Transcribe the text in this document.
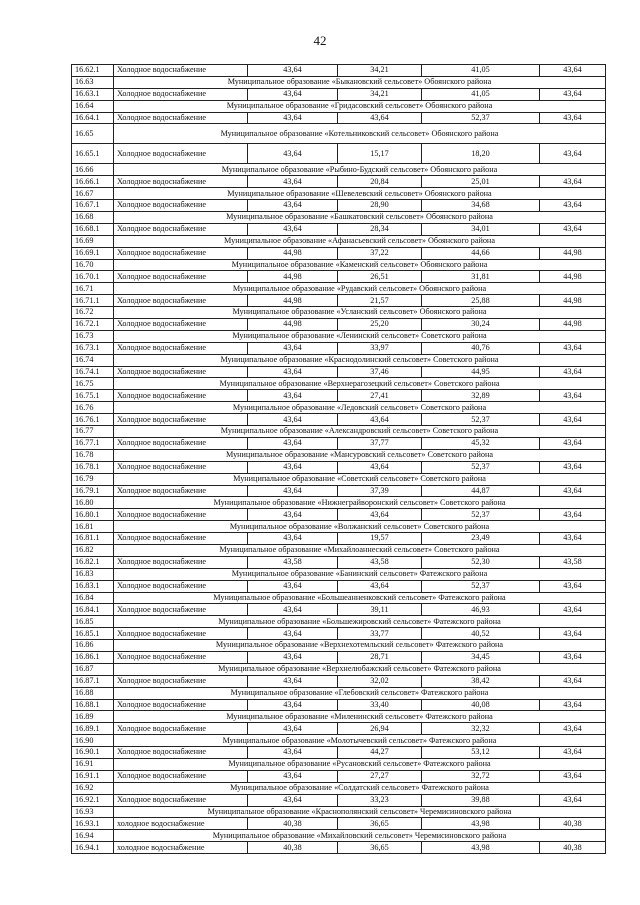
42
16.62.1	Холодное водоснабжение	43,64	34,21	41,05	43,64
16.63	Муниципальное образование «Быкановский сельсовет» Обоянского района				
16.63.1	Холодное водоснабжение	43,64	34,21	41,05	43,64
16.64	Муниципальное образование «Гридасовский сельсовет» Обоянского района				
16.64.1	Холодное водоснабжение	43,64	43,64	52,37	43,64
16.65	Муниципальное образование «Котельниковский сельсовет» Обоянского района				
16.65.1	Холодное водоснабжение	43,64	15,17	18,20	43,64
16.66	Муниципальное образование «Рыбино-Будский сельсовет» Обоянского района				
16.66.1	Холодное водоснабжение	43,64	20,84	25,01	43,64
16.67	Муниципальное образование «Шевелевский сельсовет» Обоянского района				
16.67.1	Холодное водоснабжение	43,64	28,90	34,68	43,64
16.68	Муниципальное образование «Башкатовский сельсовет» Обоянского района				
16.68.1	Холодное водоснабжение	43,64	28,34	34,01	43,64
16.69	Муниципальное образование «Афанасьевский сельсовет» Обоянского района				
16.69.1	Холодное водоснабжение	44,98	37,22	44,66	44,98
16.70	Муниципальное образование «Каменский сельсовет» Обоянского района				
16.70.1	Холодное водоснабжение	44,98	26,51	31,81	44,98
16.71	Муниципальное образование «Рудавский сельсовет» Обоянского района				
16.71.1	Холодное водоснабжение	44,98	21,57	25,88	44,98
16.72	Муниципальное образование «Усланский сельсовет» Обоянского района				
16.72.1	Холодное водоснабжение	44,98	25,20	30,24	44,98
16.73	Муниципальное образование «Ленинский сельсовет» Советского района				
16.73.1	Холодное водоснабжение	43,64	33,97	40,76	43,64
16.74	Муниципальное образование «Краснодолинский сельсовет» Советского района				
16.74.1	Холодное водоснабжение	43,64	37,46	44,95	43,64
16.75	Муниципальное образование «Верхнерагозецкий сельсовет» Советского района				
16.75.1	Холодное водоснабжение	43,64	27,41	32,89	43,64
16.76	Муниципальное образование «Ледовский сельсовет» Советского района				
16.76.1	Холодное водоснабжение	43,64	43,64	52,37	43,64
16.77	Муниципальное образование «Александровский сельсовет» Советского района				
16.77.1	Холодное водоснабжение	43,64	37,77	45,32	43,64
16.78	Муниципальное образование «Мансуровский сельсовет» Советского района				
16.78.1	Холодное водоснабжение	43,64	43,64	52,37	43,64
16.79	Муниципальное образование «Советский сельсовет» Советского района				
16.79.1	Холодное водоснабжение	43,64	37,39	44,87	43,64
16.80	Муниципальное образование «Нижнеграйворонский сельсовет» Советского района				
16.80.1	Холодное водоснабжение	43,64	43,64	52,37	43,64
16.81	Муниципальное образование «Волжанский сельсовет» Советского района				
16.81.1	Холодное водоснабжение	43,64	19,57	23,49	43,64
16.82	Муниципальное образование «Михайлоаннеский сельсовет» Советского района				
16.82.1	Холодное водоснабжение	43,58	43,58	52,30	43,58
16.83	Муниципальное образование «Банинский сельсовет» Фатежского района				
16.83.1	Холодное водоснабжение	43,64	43,64	52,37	43,64
16.84	Муниципальное образование «Большеанненковский сельсовет» Фатежского района				
16.84.1	Холодное водоснабжение	43,64	39,11	46,93	43,64
16.85	Муниципальное образование «Большежировский сельсовет» Фатежского района				
16.85.1	Холодное водоснабжение	43,64	33,77	40,52	43,64
16.86	Муниципальное образование «Верхнехотемльский сельсовет» Фатежского района				
16.86.1	Холодное водоснабжение	43,64	28,71	34,45	43,64
16.87	Муниципальное образование «Верхнелюбажский сельсовет» Фатежского района				
16.87.1	Холодное водоснабжение	43,64	32,02	38,42	43,64
16.88	Муниципальное образование «Глебовский сельсовет» Фатежского района				
16.88.1	Холодное водоснабжение	43,64	33,40	40,08	43,64
16.89	Муниципальное образование «Миленинский сельсовет» Фатежского района				
16.89.1	Холодное водоснабжение	43,64	26,94	32,32	43,64
16.90	Муниципальное образование «Молотычевский сельсовет» Фатежского района				
16.90.1	Холодное водоснабжение	43,64	44,27	53,12	43,64
16.91	Муниципальное образование «Русановский сельсовет» Фатежского района				
16.91.1	Холодное водоснабжение	43,64	27,27	32,72	43,64
16.92	Муниципальное образование «Солдатский сельсовет» Фатежского района				
16.92.1	Холодное водоснабжение	43,64	33,23	39,88	43,64
16.93	Муниципальное образование «Краснополянский сельсовет» Черемисиновского района				
16.93.1	холодное водоснабжение	40,38	36,65	43,98	40,38
16.94	Муниципальное образование «Михайловский сельсовет» Черемисиновского района				
16.94.1	холодное водоснабжение	40,38	36,65	43,98	40,38
